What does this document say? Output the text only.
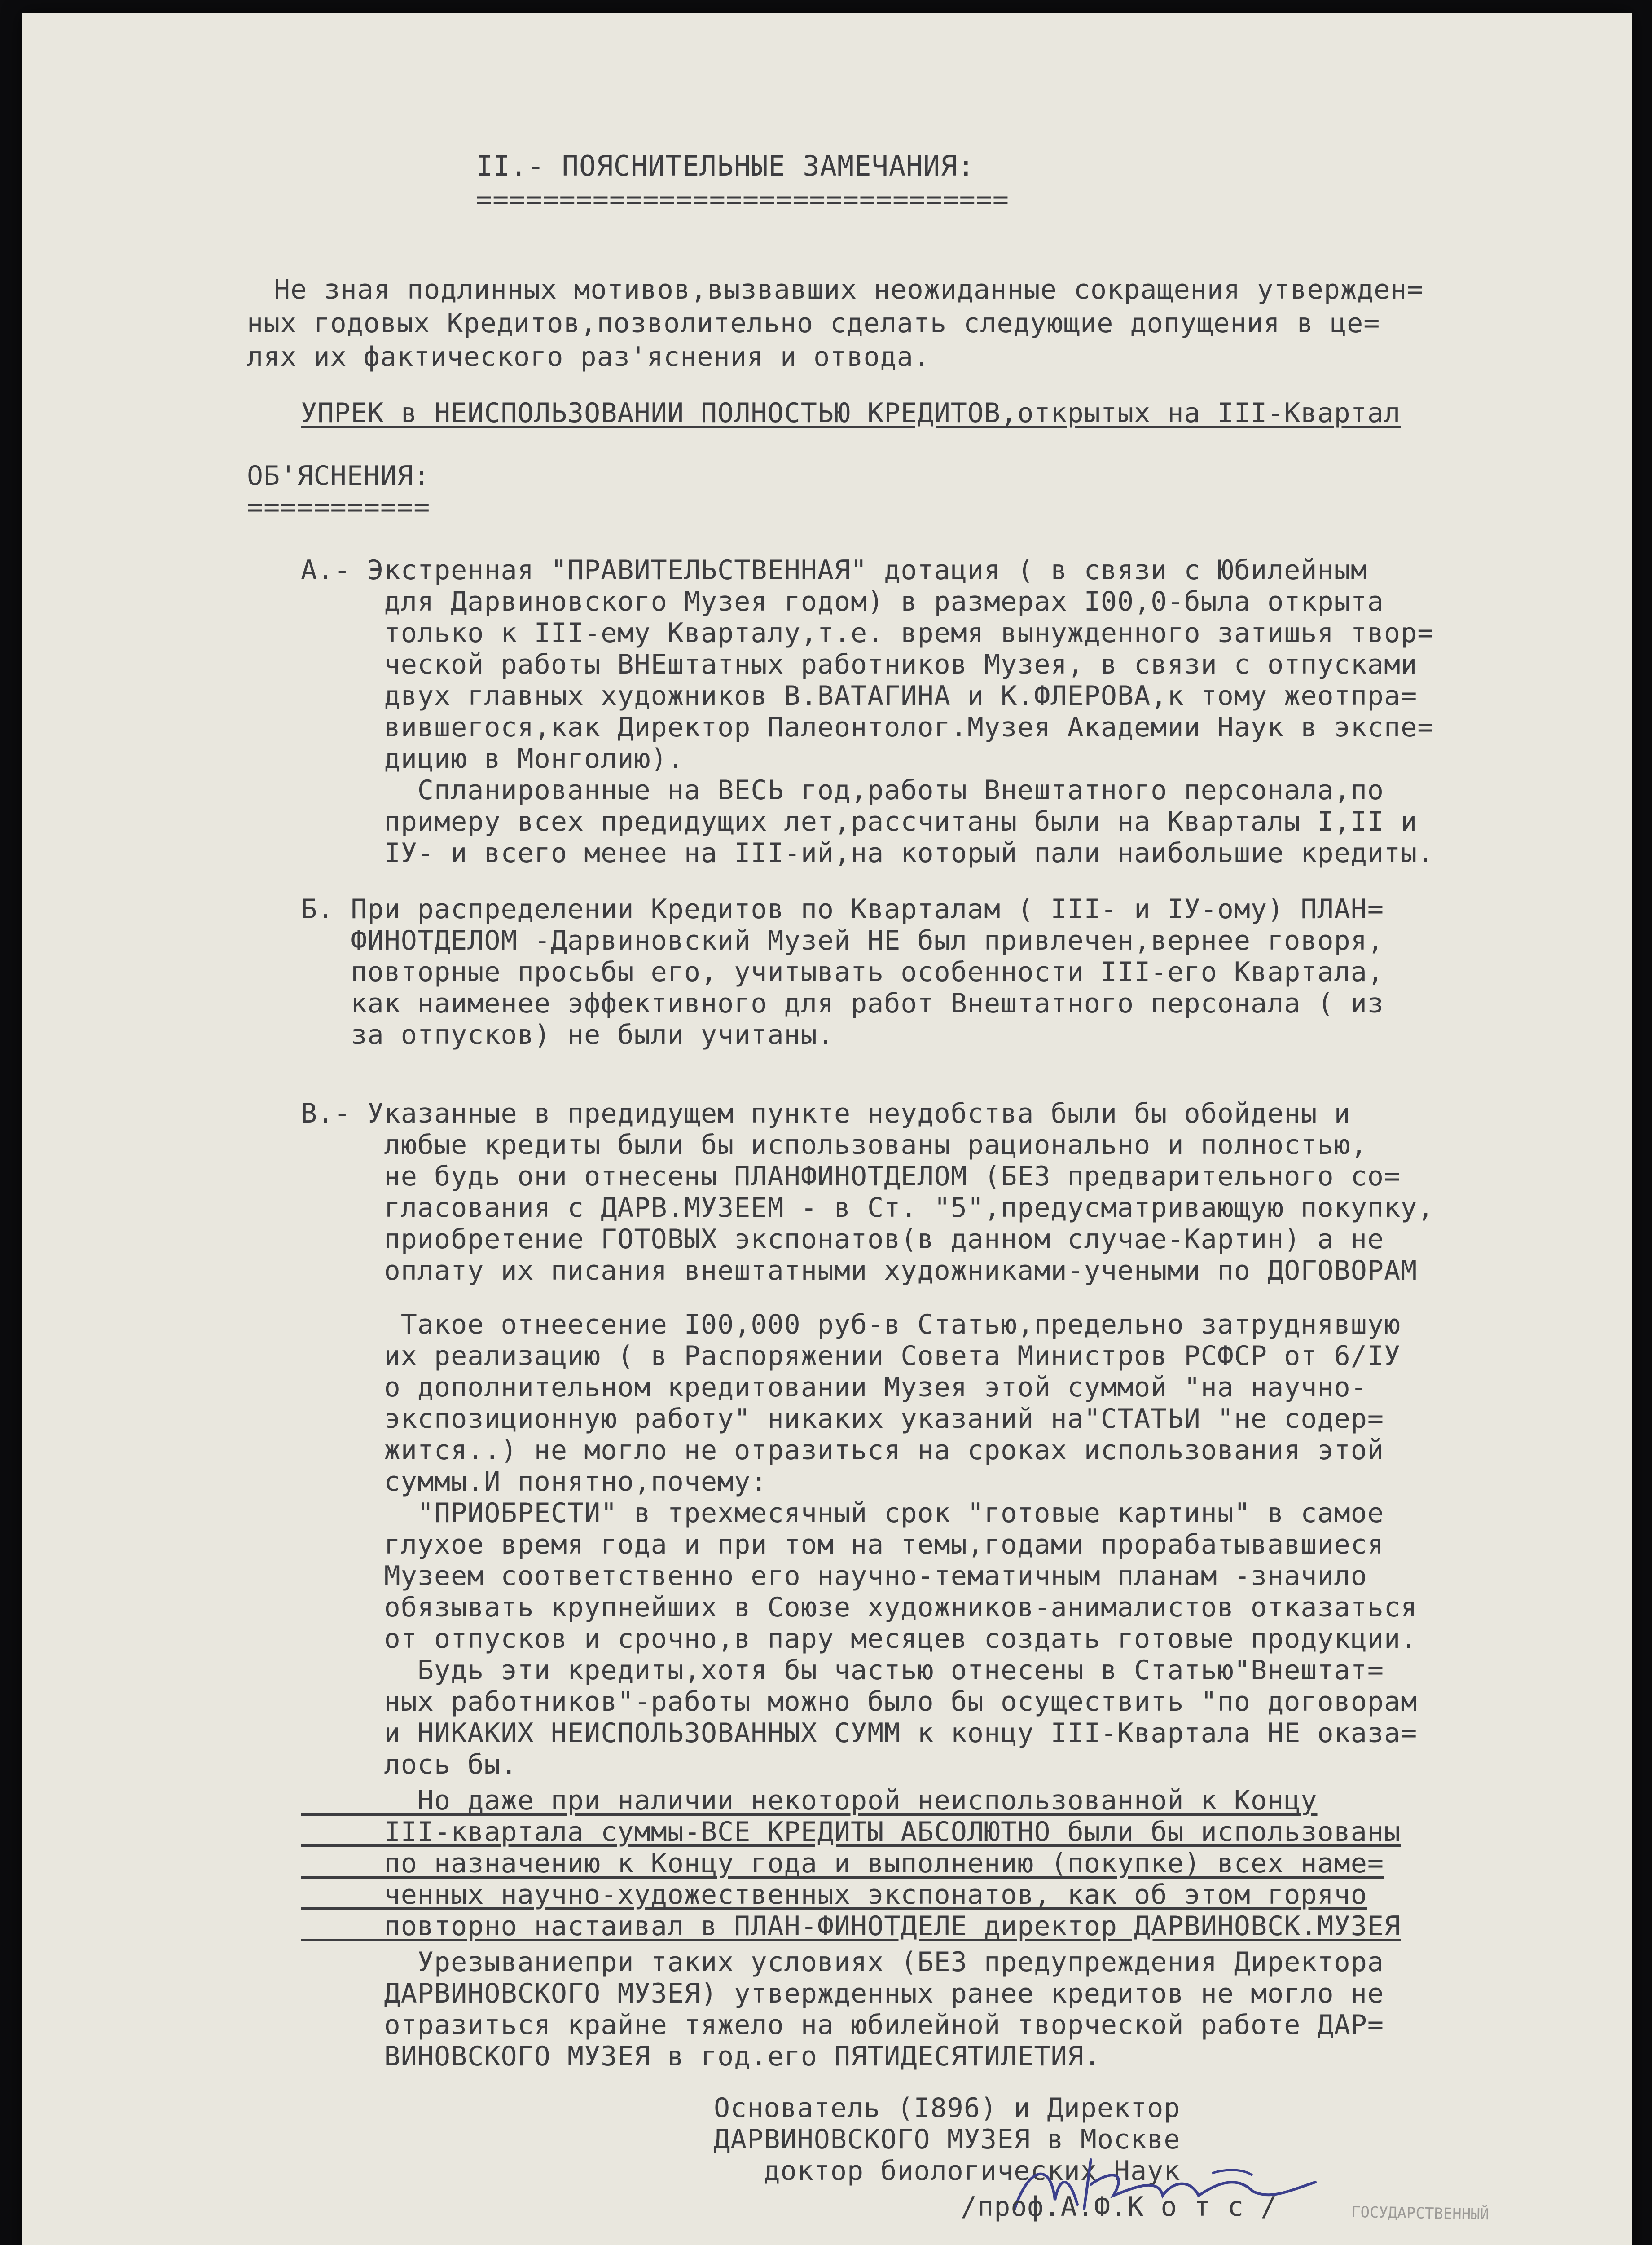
II.- ПОЯСНИТЕЛЬНЫЕ ЗАМЕЧАНИЯ:
================================
Не зная подлинных мотивов,вызвавших неожиданные сокращения утвержден=
ных годовых Кредитов,позволительно сделать следующие допущения в це=
лях их фактического раз'яснения и отвода.
УПРЕК в НЕИСПОЛЬЗОВАНИИ ПОЛНОСТЬЮ КРЕДИТОВ,открытых на III-Квартал
ОБ'ЯСНЕНИЯ:
===========
А.- Экстренная "ПРАВИТЕЛЬСТВЕННАЯ" дотация ( в связи с Юбилейным
для Дарвиновского Музея годом) в размерах I00,0-была открыта
только к III-ему Кварталу,т.е. время вынужденного затишья твор=
ческой работы ВНЕштатных работников Музея, в связи с отпусками
двух главных художников В.ВАТАГИНА и К.ФЛЕРОВА,к тому жеотпра=
вившегося,как Директор Палеонтолог.Музея Академии Наук в экспе=
дицию в Монголию).
Спланированные на ВЕСЬ год,работы Внештатного персонала,по
примеру всех предидущих лет,рассчитаны были на Кварталы I,II и
IУ- и всего менее на III-ий,на который пали наибольшие кредиты.
Б. При распределении Кредитов по Кварталам ( III- и IУ-ому) ПЛАН=
ФИНОТДЕЛОМ -Дарвиновский Музей НЕ был привлечен,вернее говоря,
повторные просьбы его, учитывать особенности III-его Квартала,
как наименее эффективного для работ Внештатного персонала ( из
за отпусков) не были учитаны.
В.- Указанные в предидущем пункте неудобства были бы обойдены и
любые кредиты были бы использованы рационально и полностью,
не будь они отнесены ПЛАНФИНОТДЕЛОМ (БЕЗ предварительного со=
гласования с ДАРВ.МУЗЕЕМ - в Ст. "5",предусматривающую покупку,
приобретение ГОТОВЫХ экспонатов(в данном случае-Картин) а не
оплату их писания внештатными художниками-учеными по ДОГОВОРАМ
Такое отнеесение I00,000 руб-в Статью,предельно затруднявшую
их реализацию ( в Распоряжении Совета Министров РСФСР от 6/IУ
о дополнительном кредитовании Музея этой суммой "на научно-
экспозиционную работу" никаких указаний на"СТАТЬИ "не содер=
жится..) не могло не отразиться на сроках использования этой
суммы.И понятно,почему:
"ПРИОБРЕСТИ" в трехмесячный срок "готовые картины" в самое
глухое время года и при том на темы,годами прорабатывавшиеся
Музеем соответственно его научно-тематичным планам -значило
обязывать крупнейших в Союзе художников-анималистов отказаться
от отпусков и срочно,в пару месяцев создать готовые продукции.
Будь эти кредиты,хотя бы частью отнесены в Статью"Внештат=
ных работников"-работы можно было бы осуществить "по договорам
и НИКАКИХ НЕИСПОЛЬЗОВАННЫХ СУММ к концу III-Квартала НЕ оказа=
лось бы.
Но даже при наличии некоторой неиспользованной к Концу
III-квартала суммы-ВСЕ КРЕДИТЫ АБСОЛЮТНО были бы использованы
по назначению к Концу года и выполнению (покупке) всех наме=
ченных научно-художественных экспонатов, как об этом горячо
повторно настаивал в ПЛАН-ФИНОТДЕЛЕ директор ДАРВИНОВСК.МУЗЕЯ
Урезываниепри таких условиях (БЕЗ предупреждения Директора
ДАРВИНОВСКОГО МУЗЕЯ) утвержденных ранее кредитов не могло не
отразиться крайне тяжело на юбилейной творческой работе ДАР=
ВИНОВСКОГО МУЗЕЯ в год.его ПЯТИДЕСЯТИЛЕТИЯ.
Основатель (I896) и Директор
ДАРВИНОВСКОГО МУЗЕЯ в Москве
доктор биологических Наук

ГОСУДАРСТВЕННЫЙ

/проф.А.Ф.К о т с /
